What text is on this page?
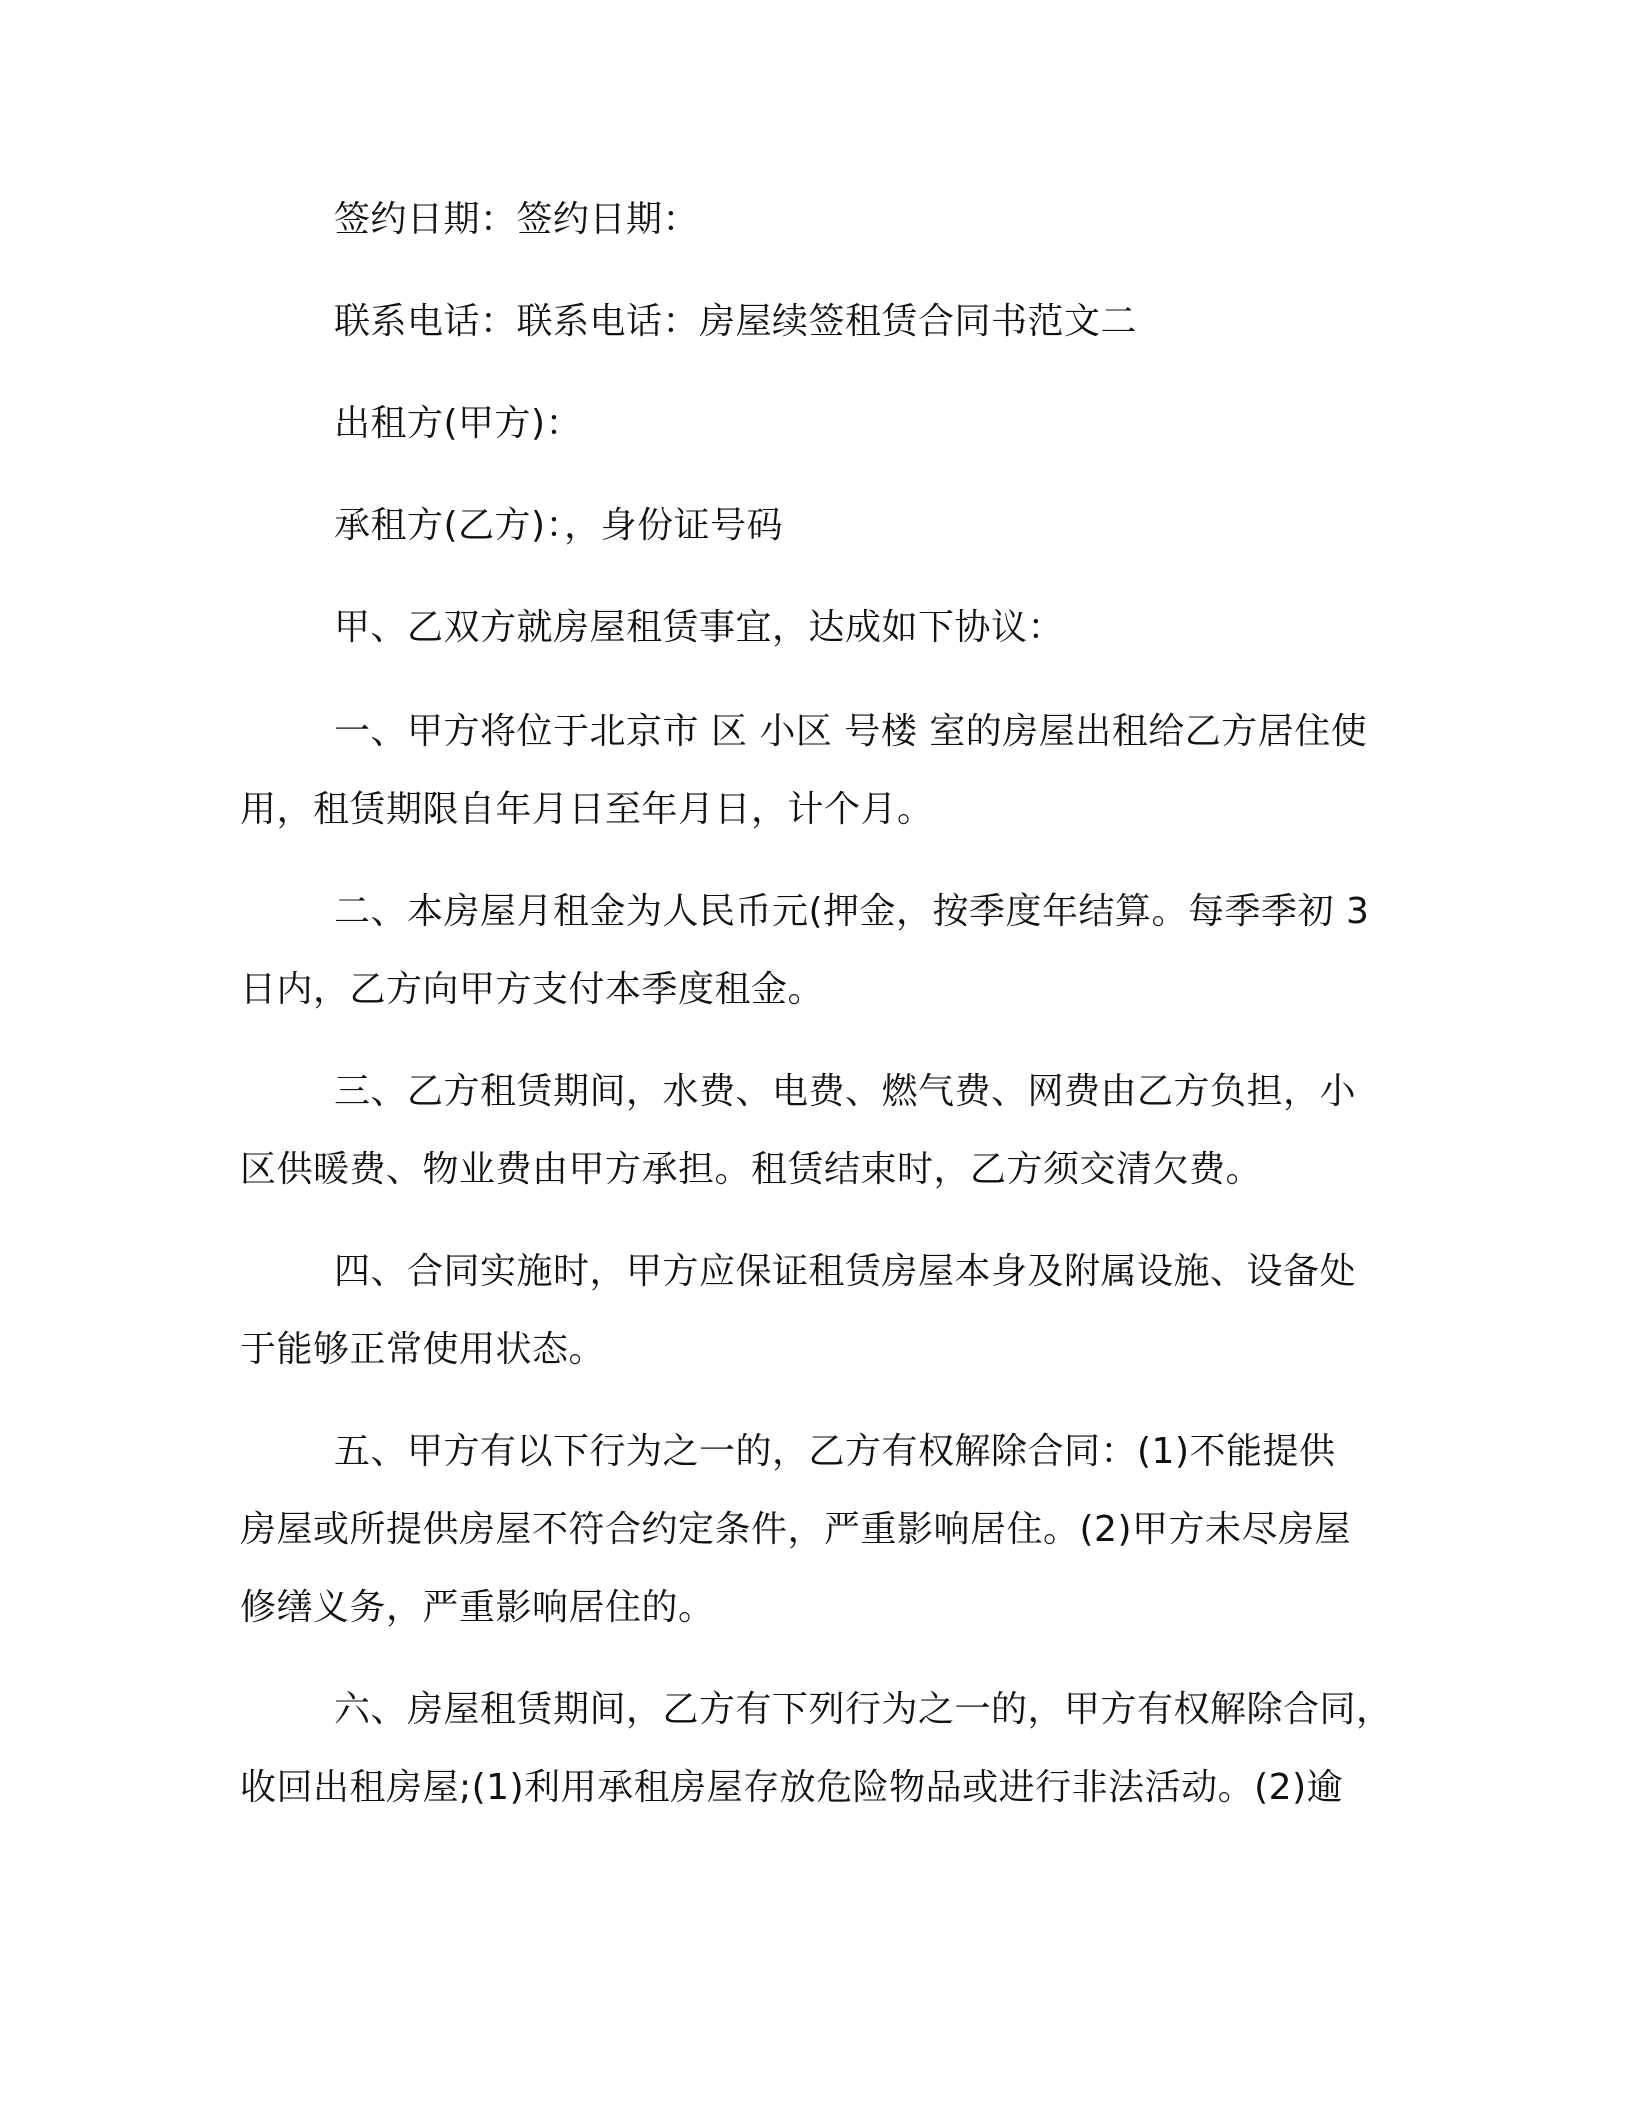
签约日期：签约日期：
联系电话：联系电话：房屋续签租赁合同书范文二
出租方(甲方)：
承租方(乙方)：，身份证号码
甲、乙双方就房屋租赁事宜，达成如下协议：
一、甲方将位于北京市 区 小区 号楼 室的房屋出租给乙方居住使
用，租赁期限自年月日至年月日，计个月。
二、本房屋月租金为人民币元(押金，按季度年结算。每季季初 3
日内，乙方向甲方支付本季度租金。
三、乙方租赁期间，水费、电费、燃气费、网费由乙方负担，小
区供暖费、物业费由甲方承担。租赁结束时，乙方须交清欠费。
四、合同实施时，甲方应保证租赁房屋本身及附属设施、设备处
于能够正常使用状态。
五、甲方有以下行为之一的，乙方有权解除合同：(1)不能提供
房屋或所提供房屋不符合约定条件，严重影响居住。(2)甲方未尽房屋
修缮义务，严重影响居住的。
六、房屋租赁期间，乙方有下列行为之一的，甲方有权解除合同，
收回出租房屋;(1)利用承租房屋存放危险物品或进行非法活动。(2)逾
